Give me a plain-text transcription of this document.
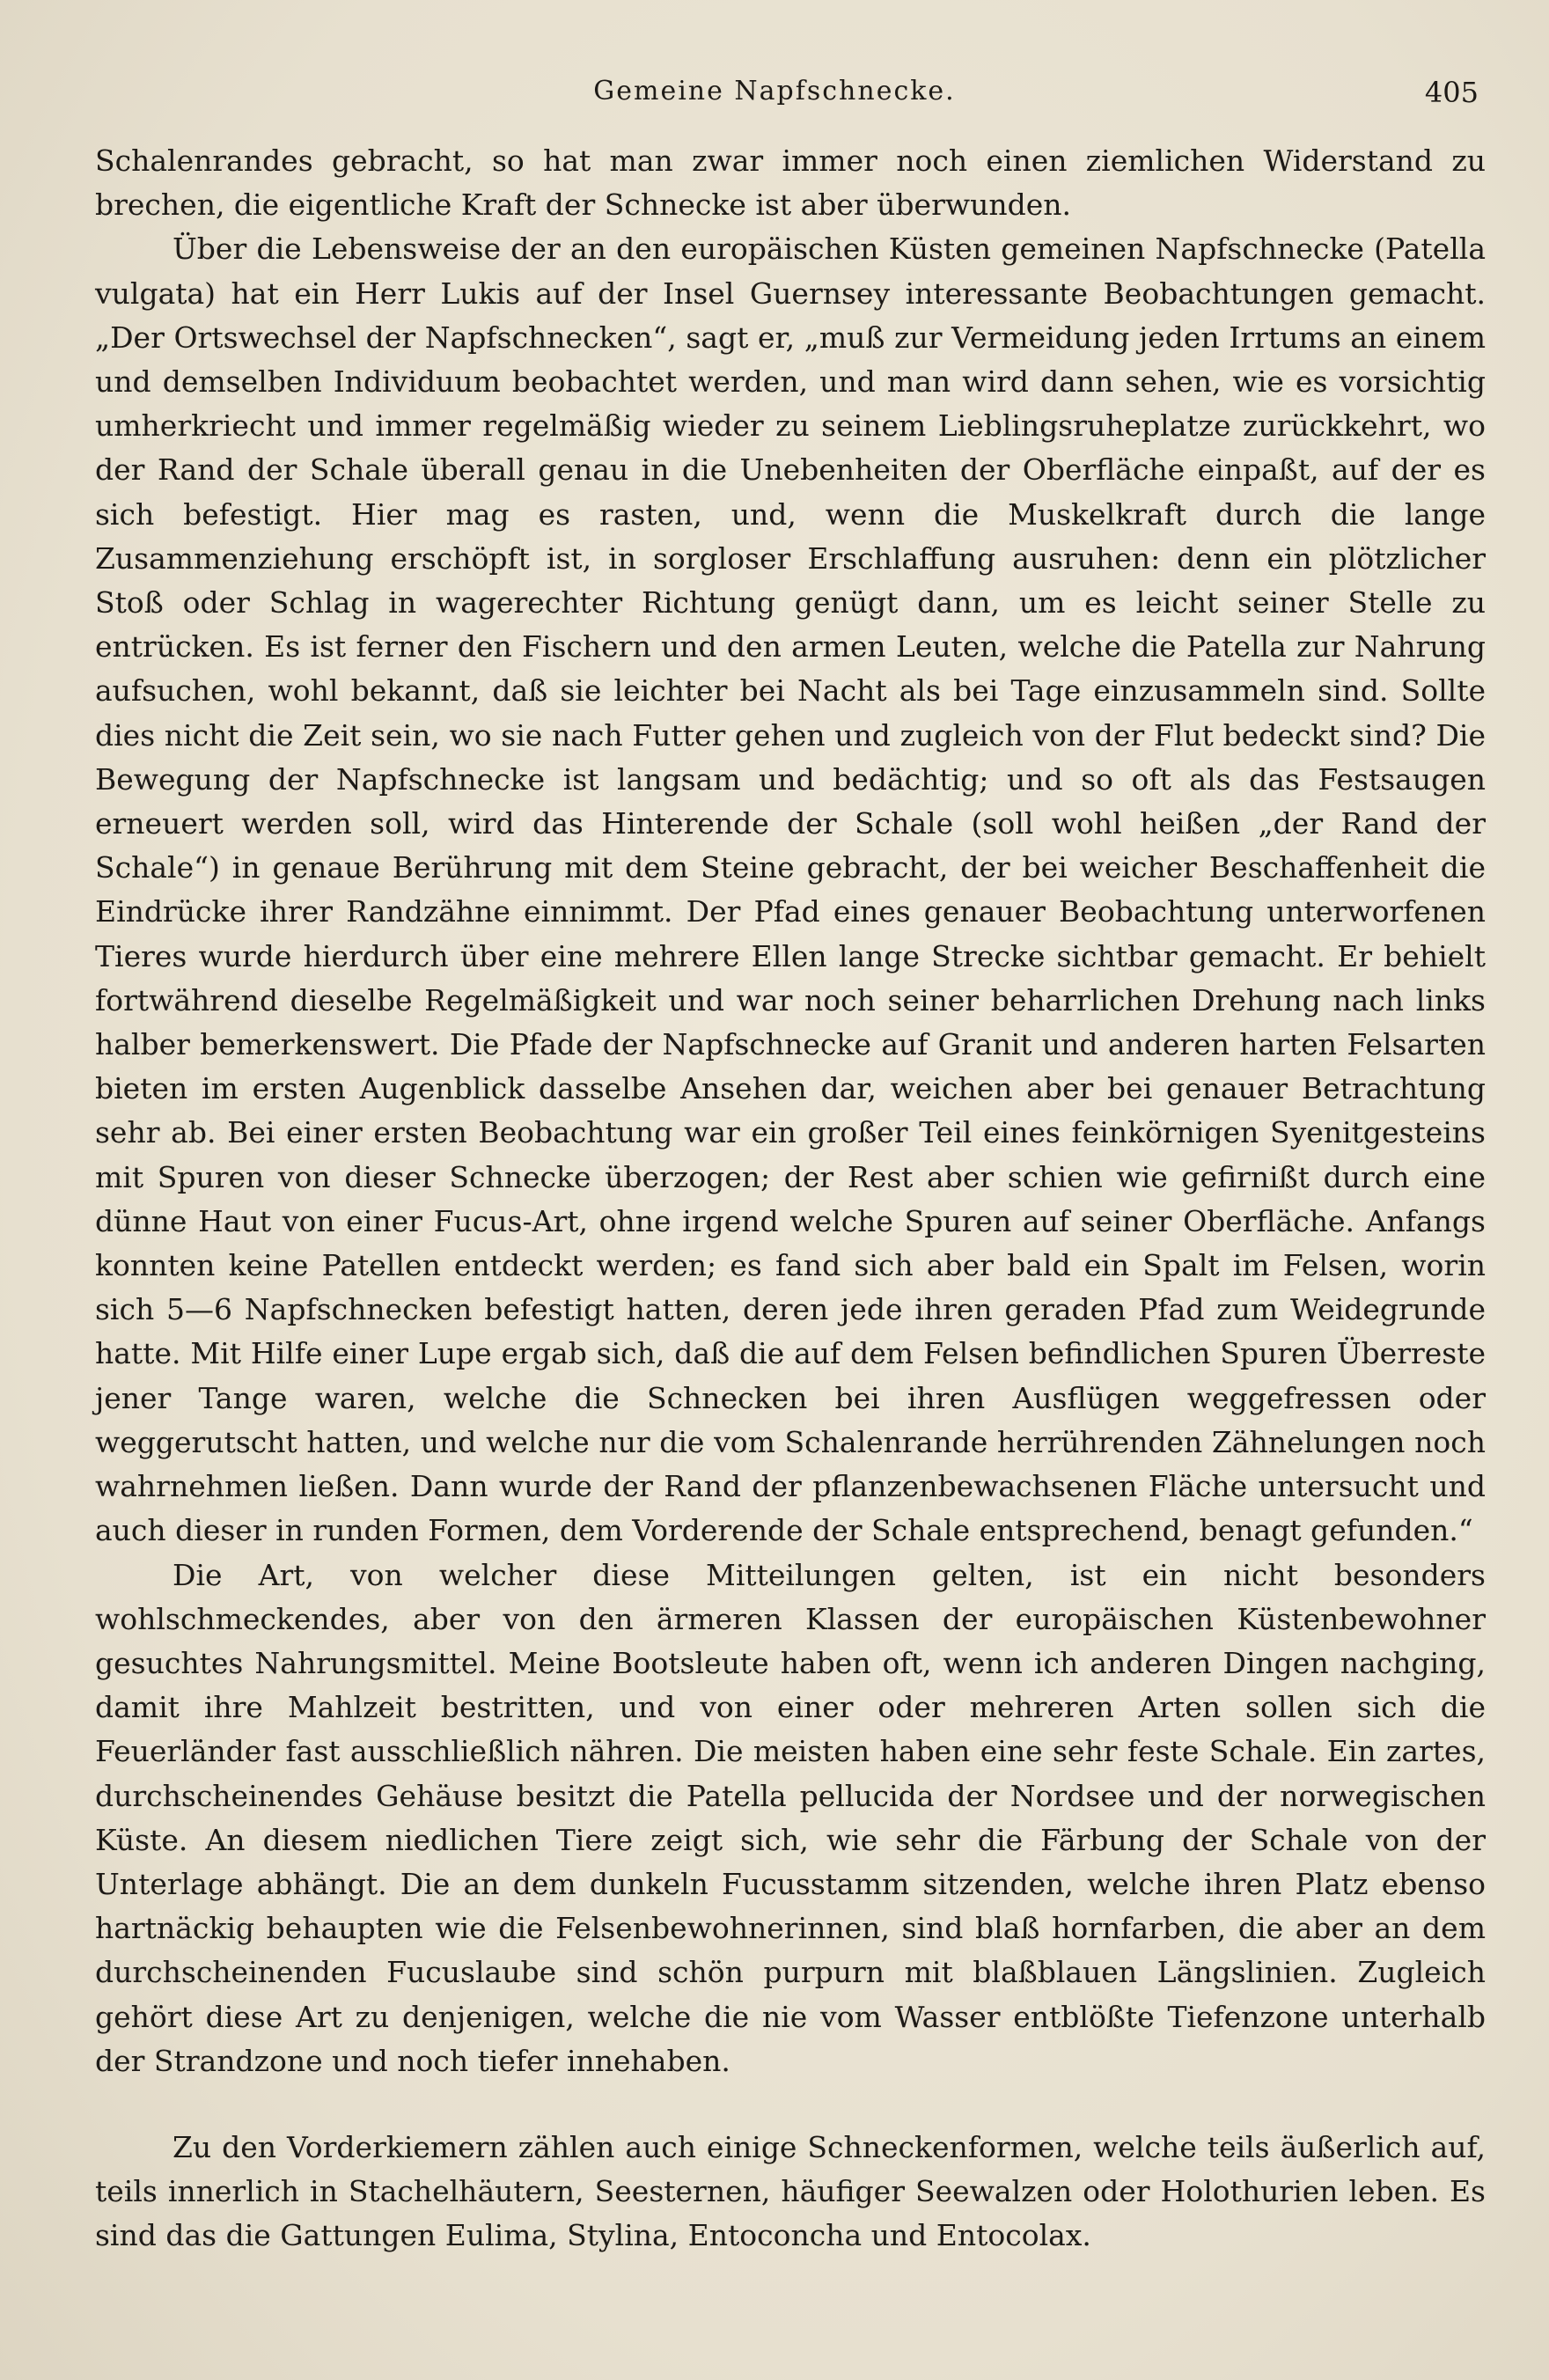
Gemeine Napfschnecke.	405

Schalenrandes gebracht, so hat man zwar immer noch einen ziemlichen Widerstand zu brechen, die eigentliche Kraft der Schnecke ist aber überwunden.

Über die Lebensweise der an den europäischen Küsten gemeinen Napfschnecke (Patella vulgata) hat ein Herr Lukis auf der Insel Guernsey interessante Beobachtungen gemacht. „Der Ortswechsel der Napfschnecken“, sagt er, „muß zur Vermeidung jeden Irrtums an einem und demselben Individuum beobachtet werden, und man wird dann sehen, wie es vorsichtig umherkriecht und immer regelmäßig wieder zu seinem Lieblingsruheplatze zurückkehrt, wo der Rand der Schale überall genau in die Unebenheiten der Oberfläche einpaßt, auf der es sich befestigt. Hier mag es rasten, und, wenn die Muskelkraft durch die lange Zusammenziehung erschöpft ist, in sorgloser Erschlaffung ausruhen: denn ein plötzlicher Stoß oder Schlag in wagerechter Richtung genügt dann, um es leicht seiner Stelle zu entrücken. Es ist ferner den Fischern und den armen Leuten, welche die Patella zur Nahrung aufsuchen, wohl bekannt, daß sie leichter bei Nacht als bei Tage einzusammeln sind. Sollte dies nicht die Zeit sein, wo sie nach Futter gehen und zugleich von der Flut bedeckt sind? Die Bewegung der Napfschnecke ist langsam und bedächtig; und so oft als das Festsaugen erneuert werden soll, wird das Hinterende der Schale (soll wohl heißen „der Rand der Schale“) in genaue Berührung mit dem Steine gebracht, der bei weicher Beschaffenheit die Eindrücke ihrer Randzähne einnimmt. Der Pfad eines genauer Beobachtung unterworfenen Tieres wurde hierdurch über eine mehrere Ellen lange Strecke sichtbar gemacht. Er behielt fortwährend dieselbe Regelmäßigkeit und war noch seiner beharrlichen Drehung nach links halber bemerkenswert. Die Pfade der Napfschnecke auf Granit und anderen harten Felsarten bieten im ersten Augenblick dasselbe Ansehen dar, weichen aber bei genauer Betrachtung sehr ab. Bei einer ersten Beobachtung war ein großer Teil eines feinkörnigen Syenitgesteins mit Spuren von dieser Schnecke überzogen; der Rest aber schien wie gefirnißt durch eine dünne Haut von einer Fucus-Art, ohne irgend welche Spuren auf seiner Oberfläche. Anfangs konnten keine Patellen entdeckt werden; es fand sich aber bald ein Spalt im Felsen, worin sich 5—6 Napfschnecken befestigt hatten, deren jede ihren geraden Pfad zum Weidegrunde hatte. Mit Hilfe einer Lupe ergab sich, daß die auf dem Felsen befindlichen Spuren Überreste jener Tange waren, welche die Schnecken bei ihren Ausflügen weggefressen oder weggerutscht hatten, und welche nur die vom Schalenrande herrührenden Zähnelungen noch wahrnehmen ließen. Dann wurde der Rand der pflanzenbewachsenen Fläche untersucht und auch dieser in runden Formen, dem Vorderende der Schale entsprechend, benagt gefunden.“

Die Art, von welcher diese Mitteilungen gelten, ist ein nicht besonders wohlschmeckendes, aber von den ärmeren Klassen der europäischen Küstenbewohner gesuchtes Nahrungsmittel. Meine Bootsleute haben oft, wenn ich anderen Dingen nachging, damit ihre Mahlzeit bestritten, und von einer oder mehreren Arten sollen sich die Feuerländer fast ausschließlich nähren. Die meisten haben eine sehr feste Schale. Ein zartes, durchscheinendes Gehäuse besitzt die Patella pellucida der Nordsee und der norwegischen Küste. An diesem niedlichen Tiere zeigt sich, wie sehr die Färbung der Schale von der Unterlage abhängt. Die an dem dunkeln Fucusstamm sitzenden, welche ihren Platz ebenso hartnäckig behaupten wie die Felsenbewohnerinnen, sind blaß hornfarben, die aber an dem durchscheinenden Fucuslaube sind schön purpurn mit blaßblauen Längslinien. Zugleich gehört diese Art zu denjenigen, welche die nie vom Wasser entblößte Tiefenzone unterhalb der Strandzone und noch tiefer innehaben.

Zu den Vorderkiemern zählen auch einige Schneckenformen, welche teils äußerlich auf, teils innerlich in Stachelhäutern, Seesternen, häufiger Seewalzen oder Holothurien leben. Es sind das die Gattungen Eulima, Stylina, Entoconcha und Entocolax.
